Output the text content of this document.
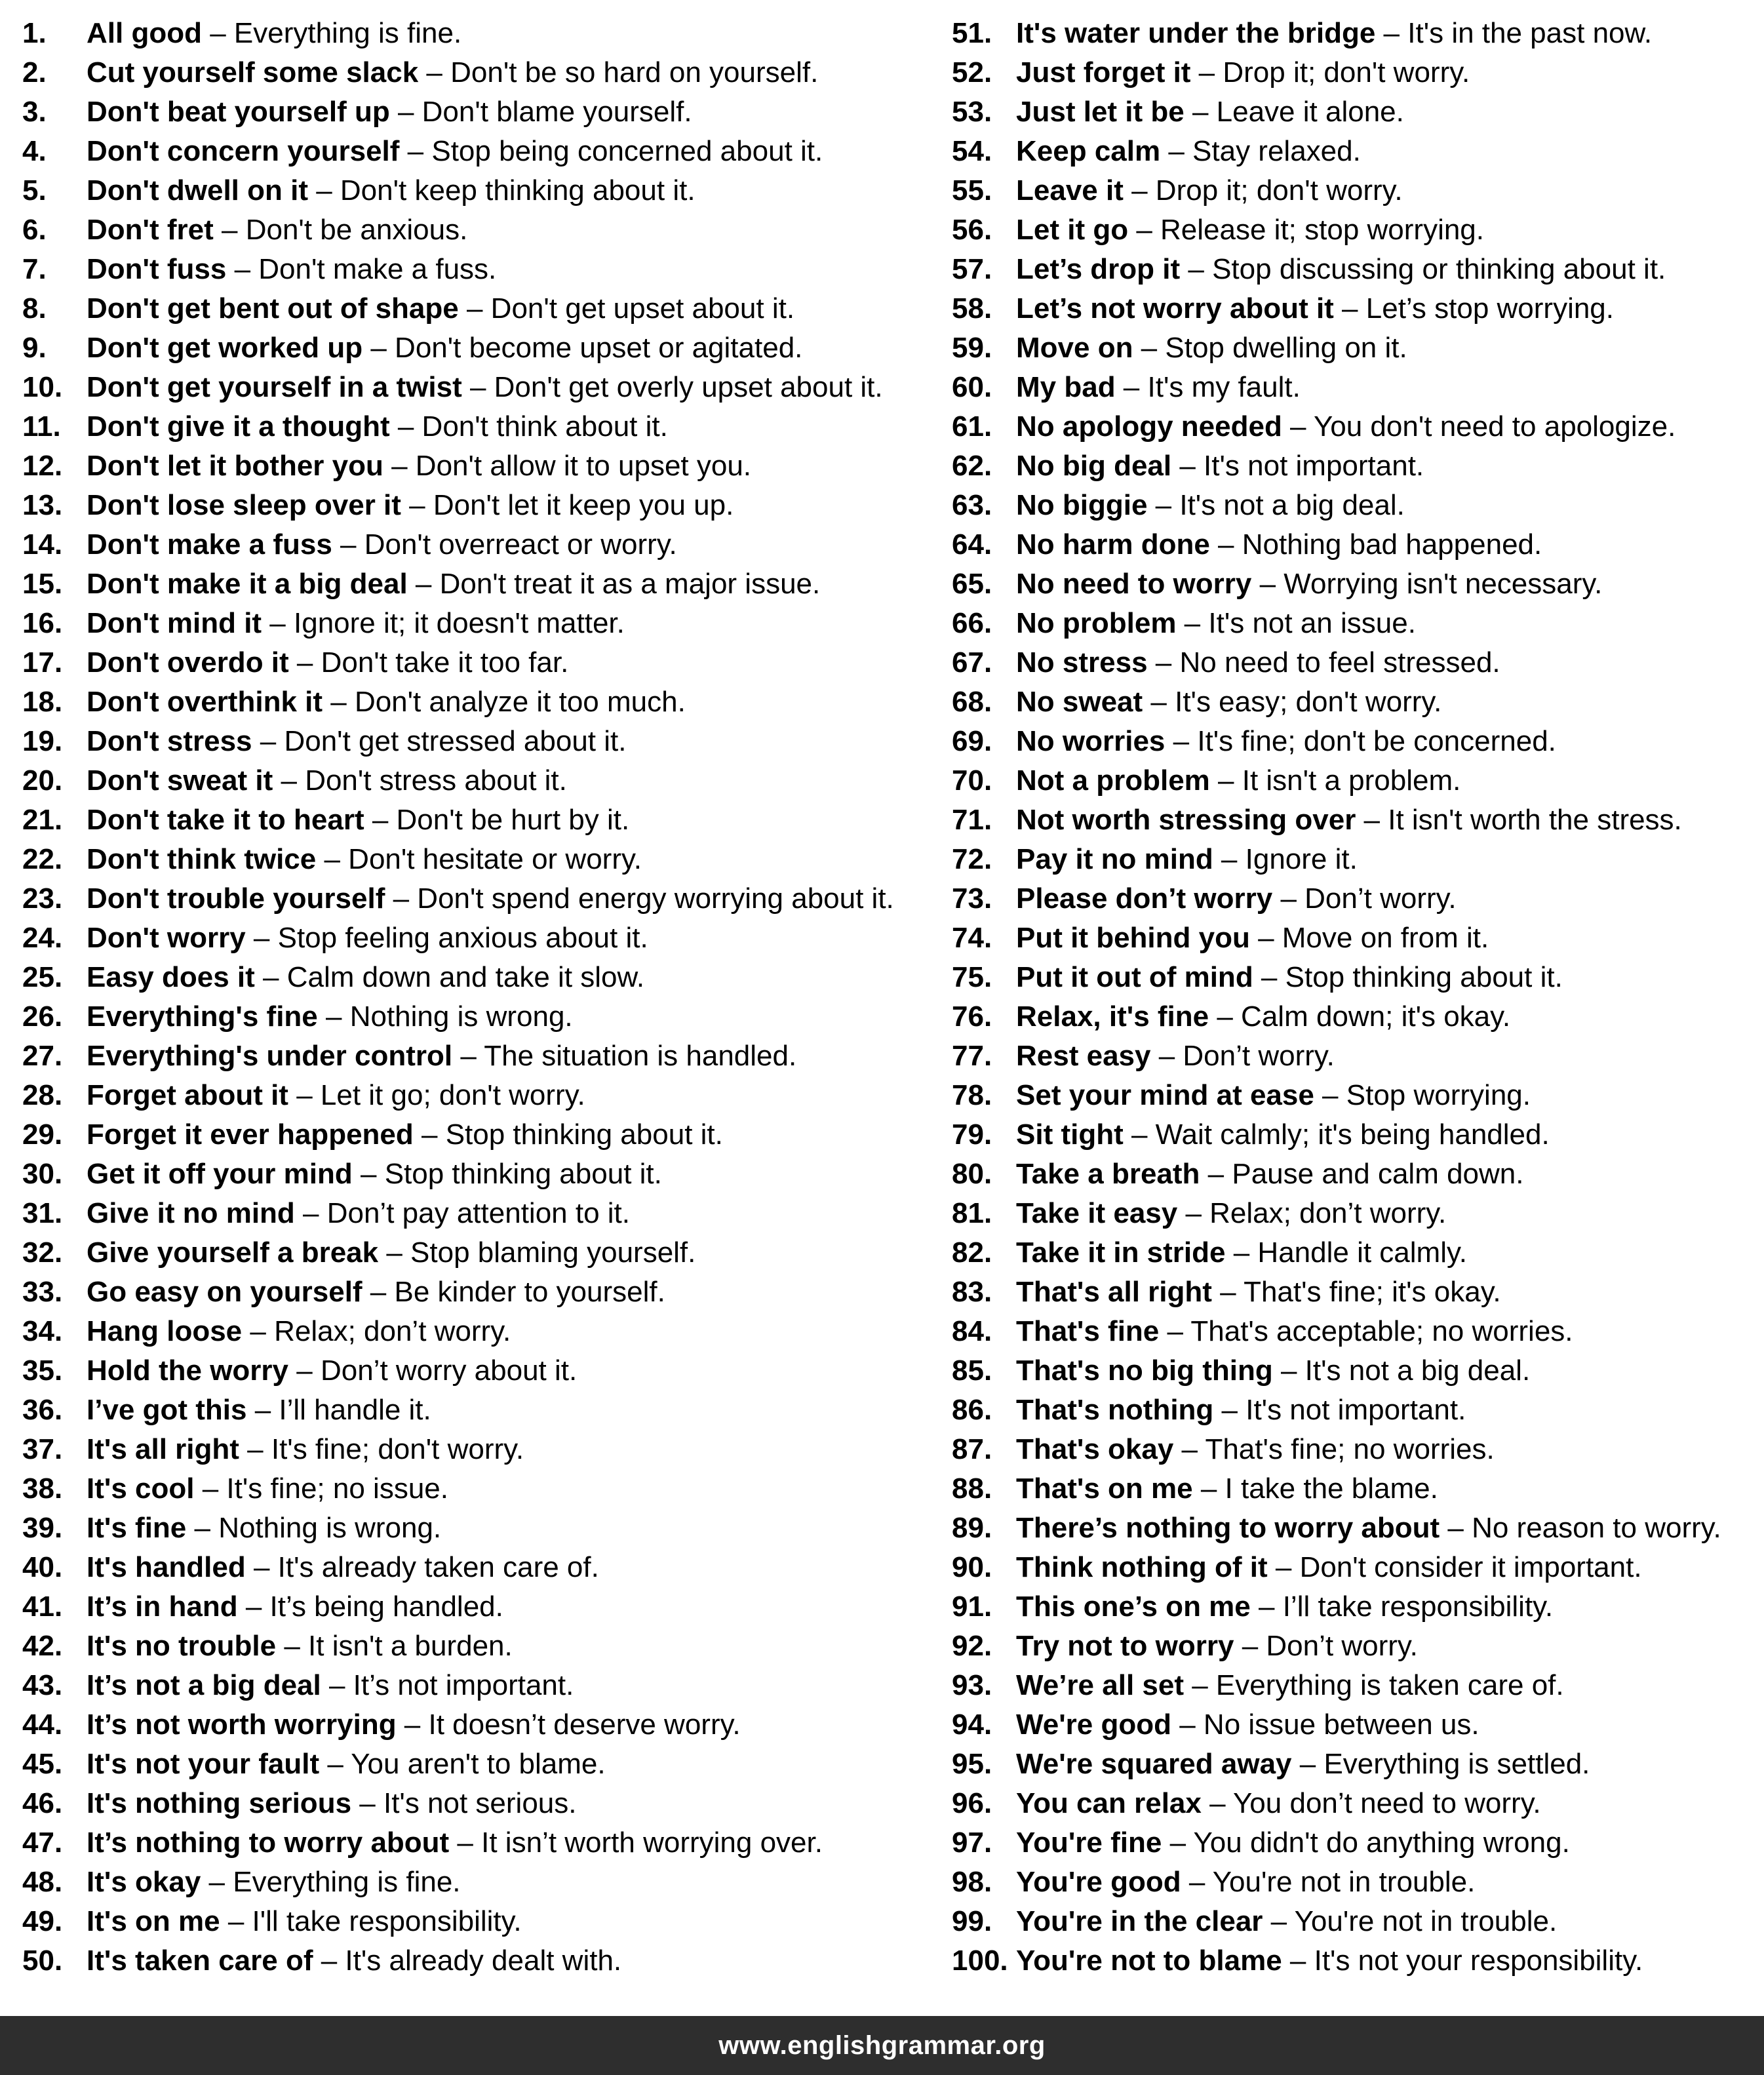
1. All good – Everything is fine.
2. Cut yourself some slack – Don't be so hard on yourself.
3. Don't beat yourself up – Don't blame yourself.
4. Don't concern yourself – Stop being concerned about it.
5. Don't dwell on it – Don't keep thinking about it.
6. Don't fret – Don't be anxious.
7. Don't fuss – Don't make a fuss.
8. Don't get bent out of shape – Don't get upset about it.
9. Don't get worked up – Don't become upset or agitated.
10. Don't get yourself in a twist – Don't get overly upset about it.
11. Don't give it a thought – Don't think about it.
12. Don't let it bother you – Don't allow it to upset you.
13. Don't lose sleep over it – Don't let it keep you up.
14. Don't make a fuss – Don't overreact or worry.
15. Don't make it a big deal – Don't treat it as a major issue.
16. Don't mind it – Ignore it; it doesn't matter.
17. Don't overdo it – Don't take it too far.
18. Don't overthink it – Don't analyze it too much.
19. Don't stress – Don't get stressed about it.
20. Don't sweat it – Don't stress about it.
21. Don't take it to heart – Don't be hurt by it.
22. Don't think twice – Don't hesitate or worry.
23. Don't trouble yourself – Don't spend energy worrying about it.
24. Don't worry – Stop feeling anxious about it.
25. Easy does it – Calm down and take it slow.
26. Everything's fine – Nothing is wrong.
27. Everything's under control – The situation is handled.
28. Forget about it – Let it go; don't worry.
29. Forget it ever happened – Stop thinking about it.
30. Get it off your mind – Stop thinking about it.
31. Give it no mind – Don’t pay attention to it.
32. Give yourself a break – Stop blaming yourself.
33. Go easy on yourself – Be kinder to yourself.
34. Hang loose – Relax; don’t worry.
35. Hold the worry – Don’t worry about it.
36. I’ve got this – I’ll handle it.
37. It's all right – It's fine; don't worry.
38. It's cool – It's fine; no issue.
39. It's fine – Nothing is wrong.
40. It's handled – It's already taken care of.
41. It’s in hand – It’s being handled.
42. It's no trouble – It isn't a burden.
43. It’s not a big deal – It’s not important.
44. It’s not worth worrying – It doesn’t deserve worry.
45. It's not your fault – You aren't to blame.
46. It's nothing serious – It's not serious.
47. It’s nothing to worry about – It isn’t worth worrying over.
48. It's okay – Everything is fine.
49. It's on me – I'll take responsibility.
50. It's taken care of – It's already dealt with.
51. It's water under the bridge – It's in the past now.
52. Just forget it – Drop it; don't worry.
53. Just let it be – Leave it alone.
54. Keep calm – Stay relaxed.
55. Leave it – Drop it; don't worry.
56. Let it go – Release it; stop worrying.
57. Let’s drop it – Stop discussing or thinking about it.
58. Let’s not worry about it – Let’s stop worrying.
59. Move on – Stop dwelling on it.
60. My bad – It's my fault.
61. No apology needed – You don't need to apologize.
62. No big deal – It's not important.
63. No biggie – It's not a big deal.
64. No harm done – Nothing bad happened.
65. No need to worry – Worrying isn't necessary.
66. No problem – It's not an issue.
67. No stress – No need to feel stressed.
68. No sweat – It's easy; don't worry.
69. No worries – It's fine; don't be concerned.
70. Not a problem – It isn't a problem.
71. Not worth stressing over – It isn't worth the stress.
72. Pay it no mind – Ignore it.
73. Please don’t worry – Don’t worry.
74. Put it behind you – Move on from it.
75. Put it out of mind – Stop thinking about it.
76. Relax, it's fine – Calm down; it's okay.
77. Rest easy – Don’t worry.
78. Set your mind at ease – Stop worrying.
79. Sit tight – Wait calmly; it's being handled.
80. Take a breath – Pause and calm down.
81. Take it easy – Relax; don’t worry.
82. Take it in stride – Handle it calmly.
83. That's all right – That's fine; it's okay.
84. That's fine – That's acceptable; no worries.
85. That's no big thing – It's not a big deal.
86. That's nothing – It's not important.
87. That's okay – That's fine; no worries.
88. That's on me – I take the blame.
89. There’s nothing to worry about – No reason to worry.
90. Think nothing of it – Don't consider it important.
91. This one’s on me – I’ll take responsibility.
92. Try not to worry – Don’t worry.
93. We’re all set – Everything is taken care of.
94. We're good – No issue between us.
95. We're squared away – Everything is settled.
96. You can relax – You don’t need to worry.
97. You're fine – You didn't do anything wrong.
98. You're good – You're not in trouble.
99. You're in the clear – You're not in trouble.
100. You're not to blame – It's not your responsibility.
www.englishgrammar.org
